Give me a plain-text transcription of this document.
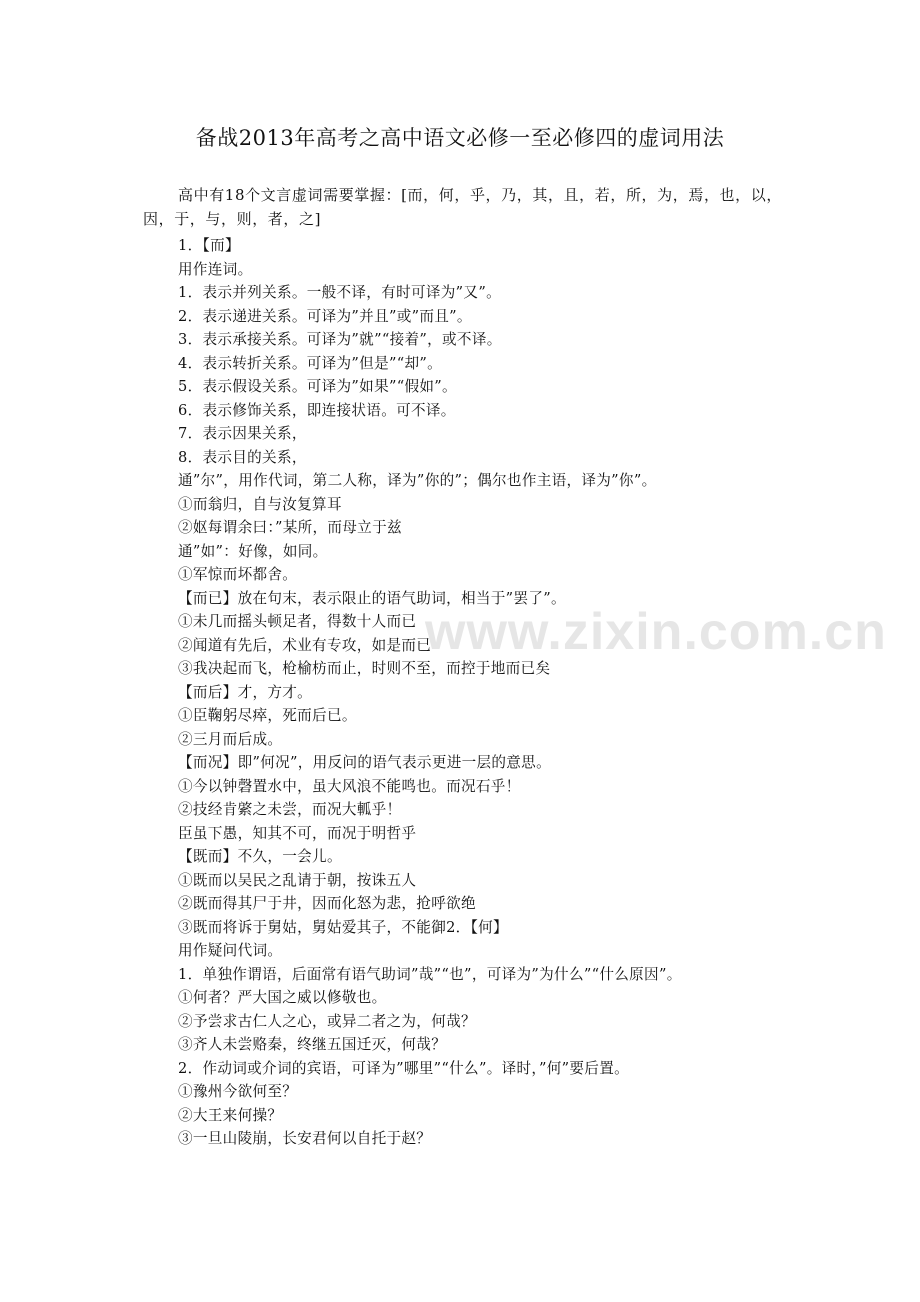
备战2013年高考之高中语文必修一至必修四的虚词用法
高中有18个文言虚词需要掌握：[而，何，乎，乃，其，且，若，所，为，焉，也，以，因，于，与，则，者，之]
1．【而】
用作连词。
1．表示并列关系。一般不译，有时可译为”又”。
2．表示递进关系。可译为”并且”或”而且”。
3．表示承接关系。可译为”就”“接着”，或不译。
4．表示转折关系。可译为”但是”“却”。
5．表示假设关系。可译为”如果”“假如”。
6．表示修饰关系，即连接状语。可不译。
7．表示因果关系，
8．表示目的关系，
通”尔”，用作代词，第二人称，译为”你的”；偶尔也作主语，译为”你”。
①而翁归，自与汝复算耳
②妪每谓余曰：”某所，而母立于兹
通”如”：好像，如同。
①军惊而坏都舍。
【而已】放在句末，表示限止的语气助词，相当于”罢了”。
①未几而摇头顿足者，得数十人而已
②闻道有先后，术业有专攻，如是而已
③我决起而飞，枪榆枋而止，时则不至，而控于地而已矣
【而后】才，方才。
①臣鞠躬尽瘁，死而后已。
②三月而后成。
【而况】即”何况”，用反问的语气表示更进一层的意思。
①今以钟磬置水中，虽大风浪不能鸣也。而况石乎！
②技经肯綮之未尝，而况大軱乎！
臣虽下愚，知其不可，而况于明哲乎
【既而】不久，一会儿。
①既而以吴民之乱请于朝，按诛五人
②既而得其尸于井，因而化怒为悲，抢呼欲绝
③既而将诉于舅姑，舅姑爱其子，不能御2．【何】
用作疑问代词。
1．单独作谓语，后面常有语气助词”哉”“也”，可译为”为什么”“什么原因”。
①何者？严大国之威以修敬也。
②予尝求古仁人之心，或异二者之为，何哉？
③齐人未尝赂秦，终继五国迁灭，何哉？
2．作动词或介词的宾语，可译为”哪里”“什么”。译时，”何”要后置。
①豫州今欲何至？
②大王来何操？
③一旦山陵崩，长安君何以自托于赵？
www.zixin.com.cn
